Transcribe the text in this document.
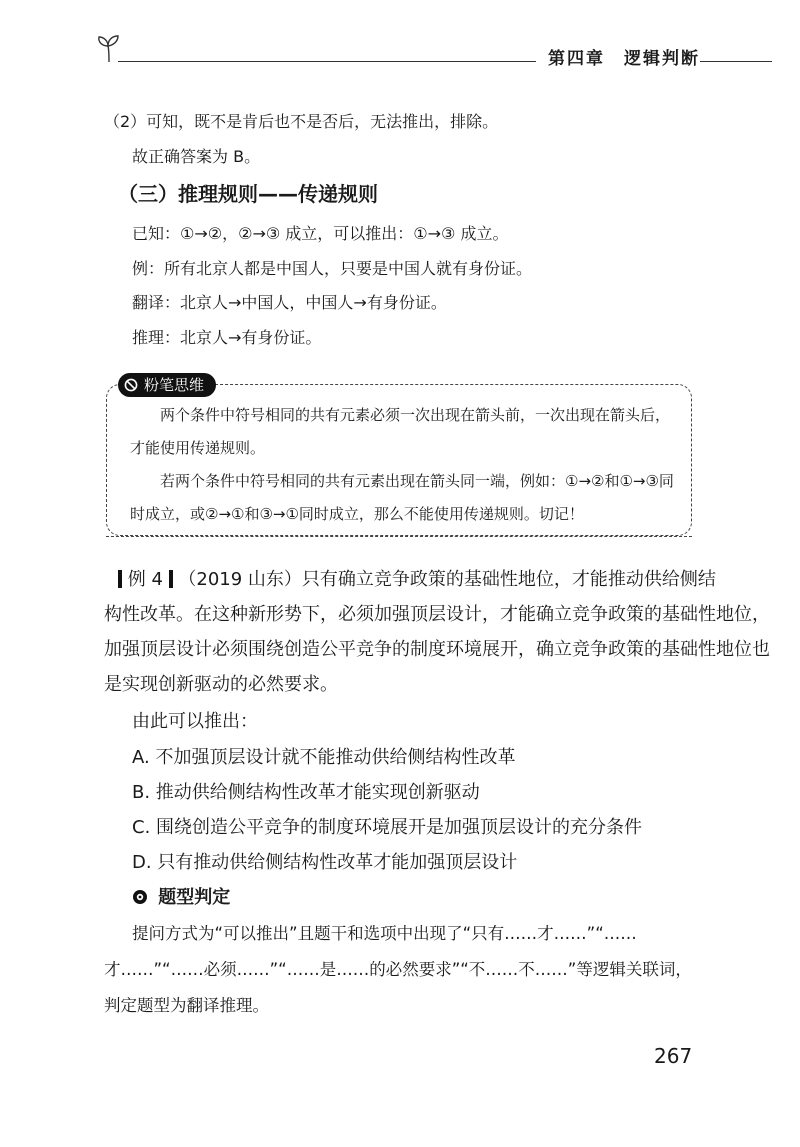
第四章　逻辑判断
（2）可知，既不是肯后也不是否后，无法推出，排除。
故正确答案为 B。
（三）推理规则——传递规则
已知：①→②，②→③ 成立，可以推出：①→③ 成立。
例：所有北京人都是中国人，只要是中国人就有身份证。
翻译：北京人→中国人，中国人→有身份证。
推理：北京人→有身份证。
粉笔思维
两个条件中符号相同的共有元素必须一次出现在箭头前，一次出现在箭头后，
才能使用传递规则。
若两个条件中符号相同的共有元素出现在箭头同一端，例如：①→②和①→③同
时成立，或②→①和③→①同时成立，那么不能使用传递规则。切记！
例 4 （2019 山东）只有确立竞争政策的基础性地位，才能推动供给侧结
构性改革。在这种新形势下，必须加强顶层设计，才能确立竞争政策的基础性地位，
加强顶层设计必须围绕创造公平竞争的制度环境展开，确立竞争政策的基础性地位也
是实现创新驱动的必然要求。
由此可以推出：
A. 不加强顶层设计就不能推动供给侧结构性改革
B. 推动供给侧结构性改革才能实现创新驱动
C. 围绕创造公平竞争的制度环境展开是加强顶层设计的充分条件
D. 只有推动供给侧结构性改革才能加强顶层设计
题型判定
提问方式为“可以推出”且题干和选项中出现了“只有……才……”“……
才……”“……必须……”“……是……的必然要求”“不……不……”等逻辑关联词，
判定题型为翻译推理。
267
